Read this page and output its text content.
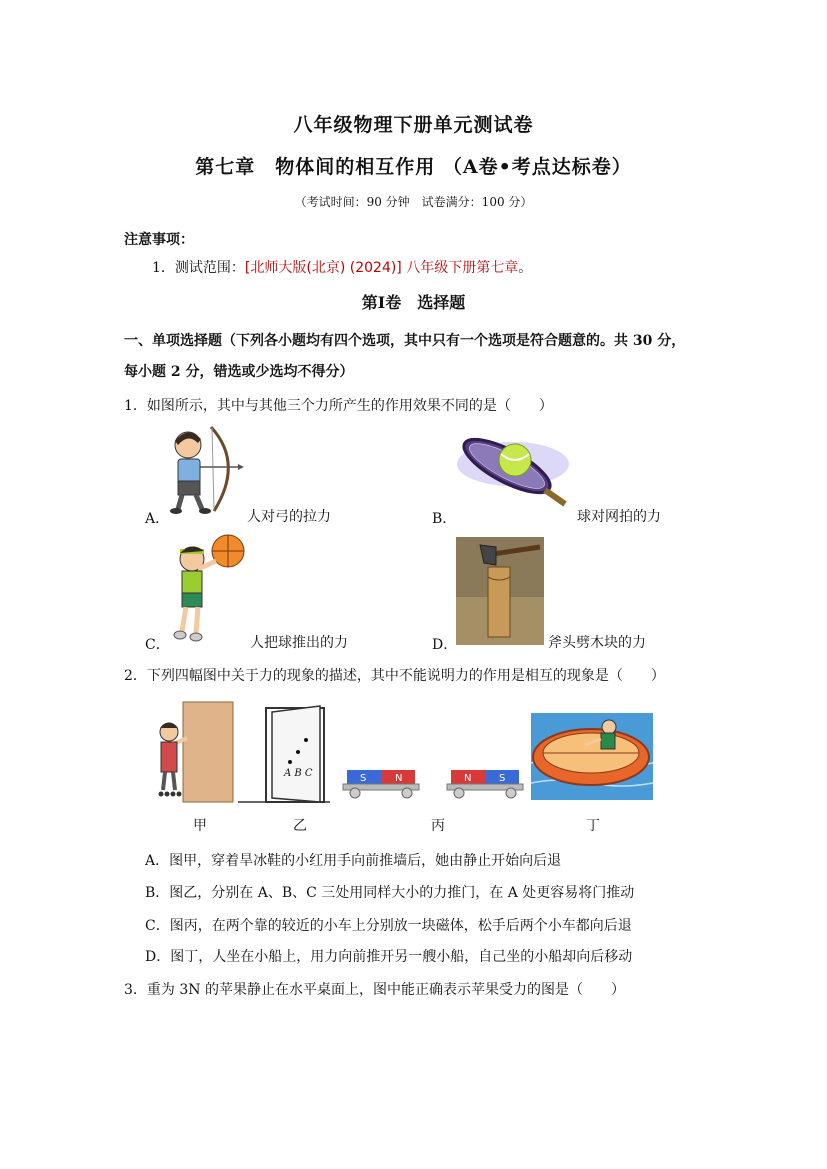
八年级物理下册单元测试卷
第七章　物体间的相互作用 （A卷•考点达标卷）
（考试时间：90 分钟　试卷满分：100 分）
注意事项：
1．测试范围：[北师大版(北京) (2024)] 八年级下册第七章。
第Ⅰ卷　选择题
一、单项选择题（下列各小题均有四个选项，其中只有一个选项是符合题意的。共 30 分，
每小题 2 分，错选或少选均不得分）
1．如图所示，其中与其他三个力所产生的作用效果不同的是（　　）
A．	人对弓的拉力	B．	球对网拍的力
C．	人把球推出的力	D．	斧头劈木块的力
2．下列四幅图中关于力的现象的描述，其中不能说明力的作用是相互的现象是（　　）
A B C	S	N	N	S
甲	乙	丙	丁
A．图甲，穿着旱冰鞋的小红用手向前推墙后，她由静止开始向后退
B．图乙，分别在 A、B、C 三处用同样大小的力推门，在 A 处更容易将门推动
C．图丙，在两个靠的较近的小车上分别放一块磁体，松手后两个小车都向后退
D．图丁，人坐在小船上，用力向前推开另一艘小船，自己坐的小船却向后移动
3．重为 3N 的苹果静止在水平桌面上，图中能正确表示苹果受力的图是（　　）
